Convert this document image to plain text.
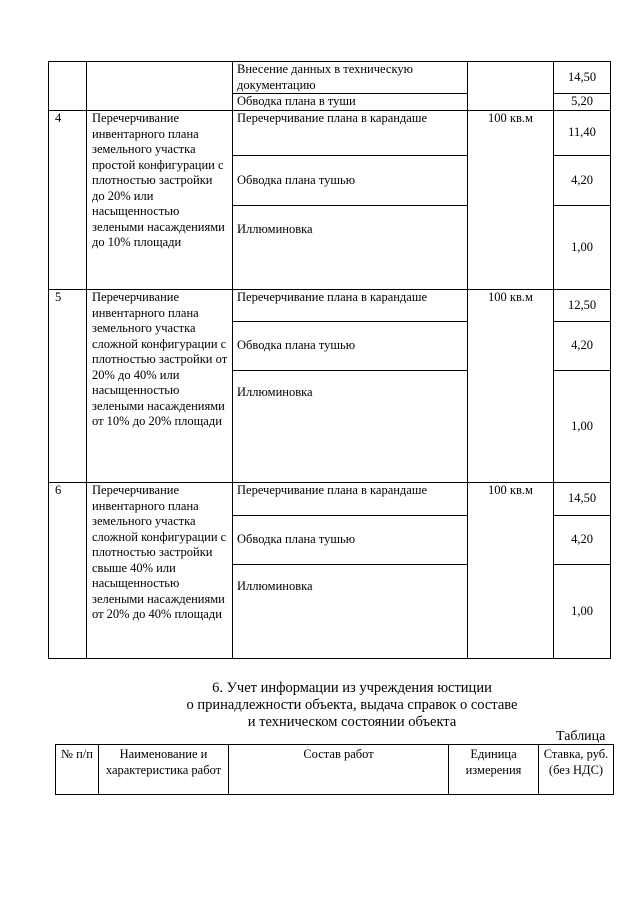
		Внесение данных в техническую документацию		14,50
		Обводка плана в туши		5,20
4	Перечерчивание инвентарного плана земельного участка простой конфигурации с плотностью застройки до 20% или насыщенностью зелеными насаждениями до 10% площади	Перечерчивание плана в карандаше	100 кв.м	11,40
		Обводка плана тушью		4,20
		Иллюминовка		1,00
5	Перечерчивание инвентарного плана земельного участка сложной конфигурации с плотностью застройки от 20% до 40% или насыщенностью зелеными насаждениями от 10% до 20% площади	Перечерчивание плана в карандаше	100 кв.м	12,50
		Обводка плана тушью		4,20
		Иллюминовка		1,00
6	Перечерчивание инвентарного плана земельного участка сложной конфигурации с плотностью застройки свыше 40% или насыщенностью зелеными насаждениями от 20% до 40% площади	Перечерчивание плана в карандаше	100 кв.м	14,50
		Обводка плана тушью		4,20
		Иллюминовка		1,00
6. Учет информации из учреждения юстиции
о принадлежности объекта, выдача справок о составе
и техническом состоянии объекта
Таблица
№ п/п	Наименование и характеристика работ	Состав работ	Единица измерения	Ставка, руб. (без НДС)
